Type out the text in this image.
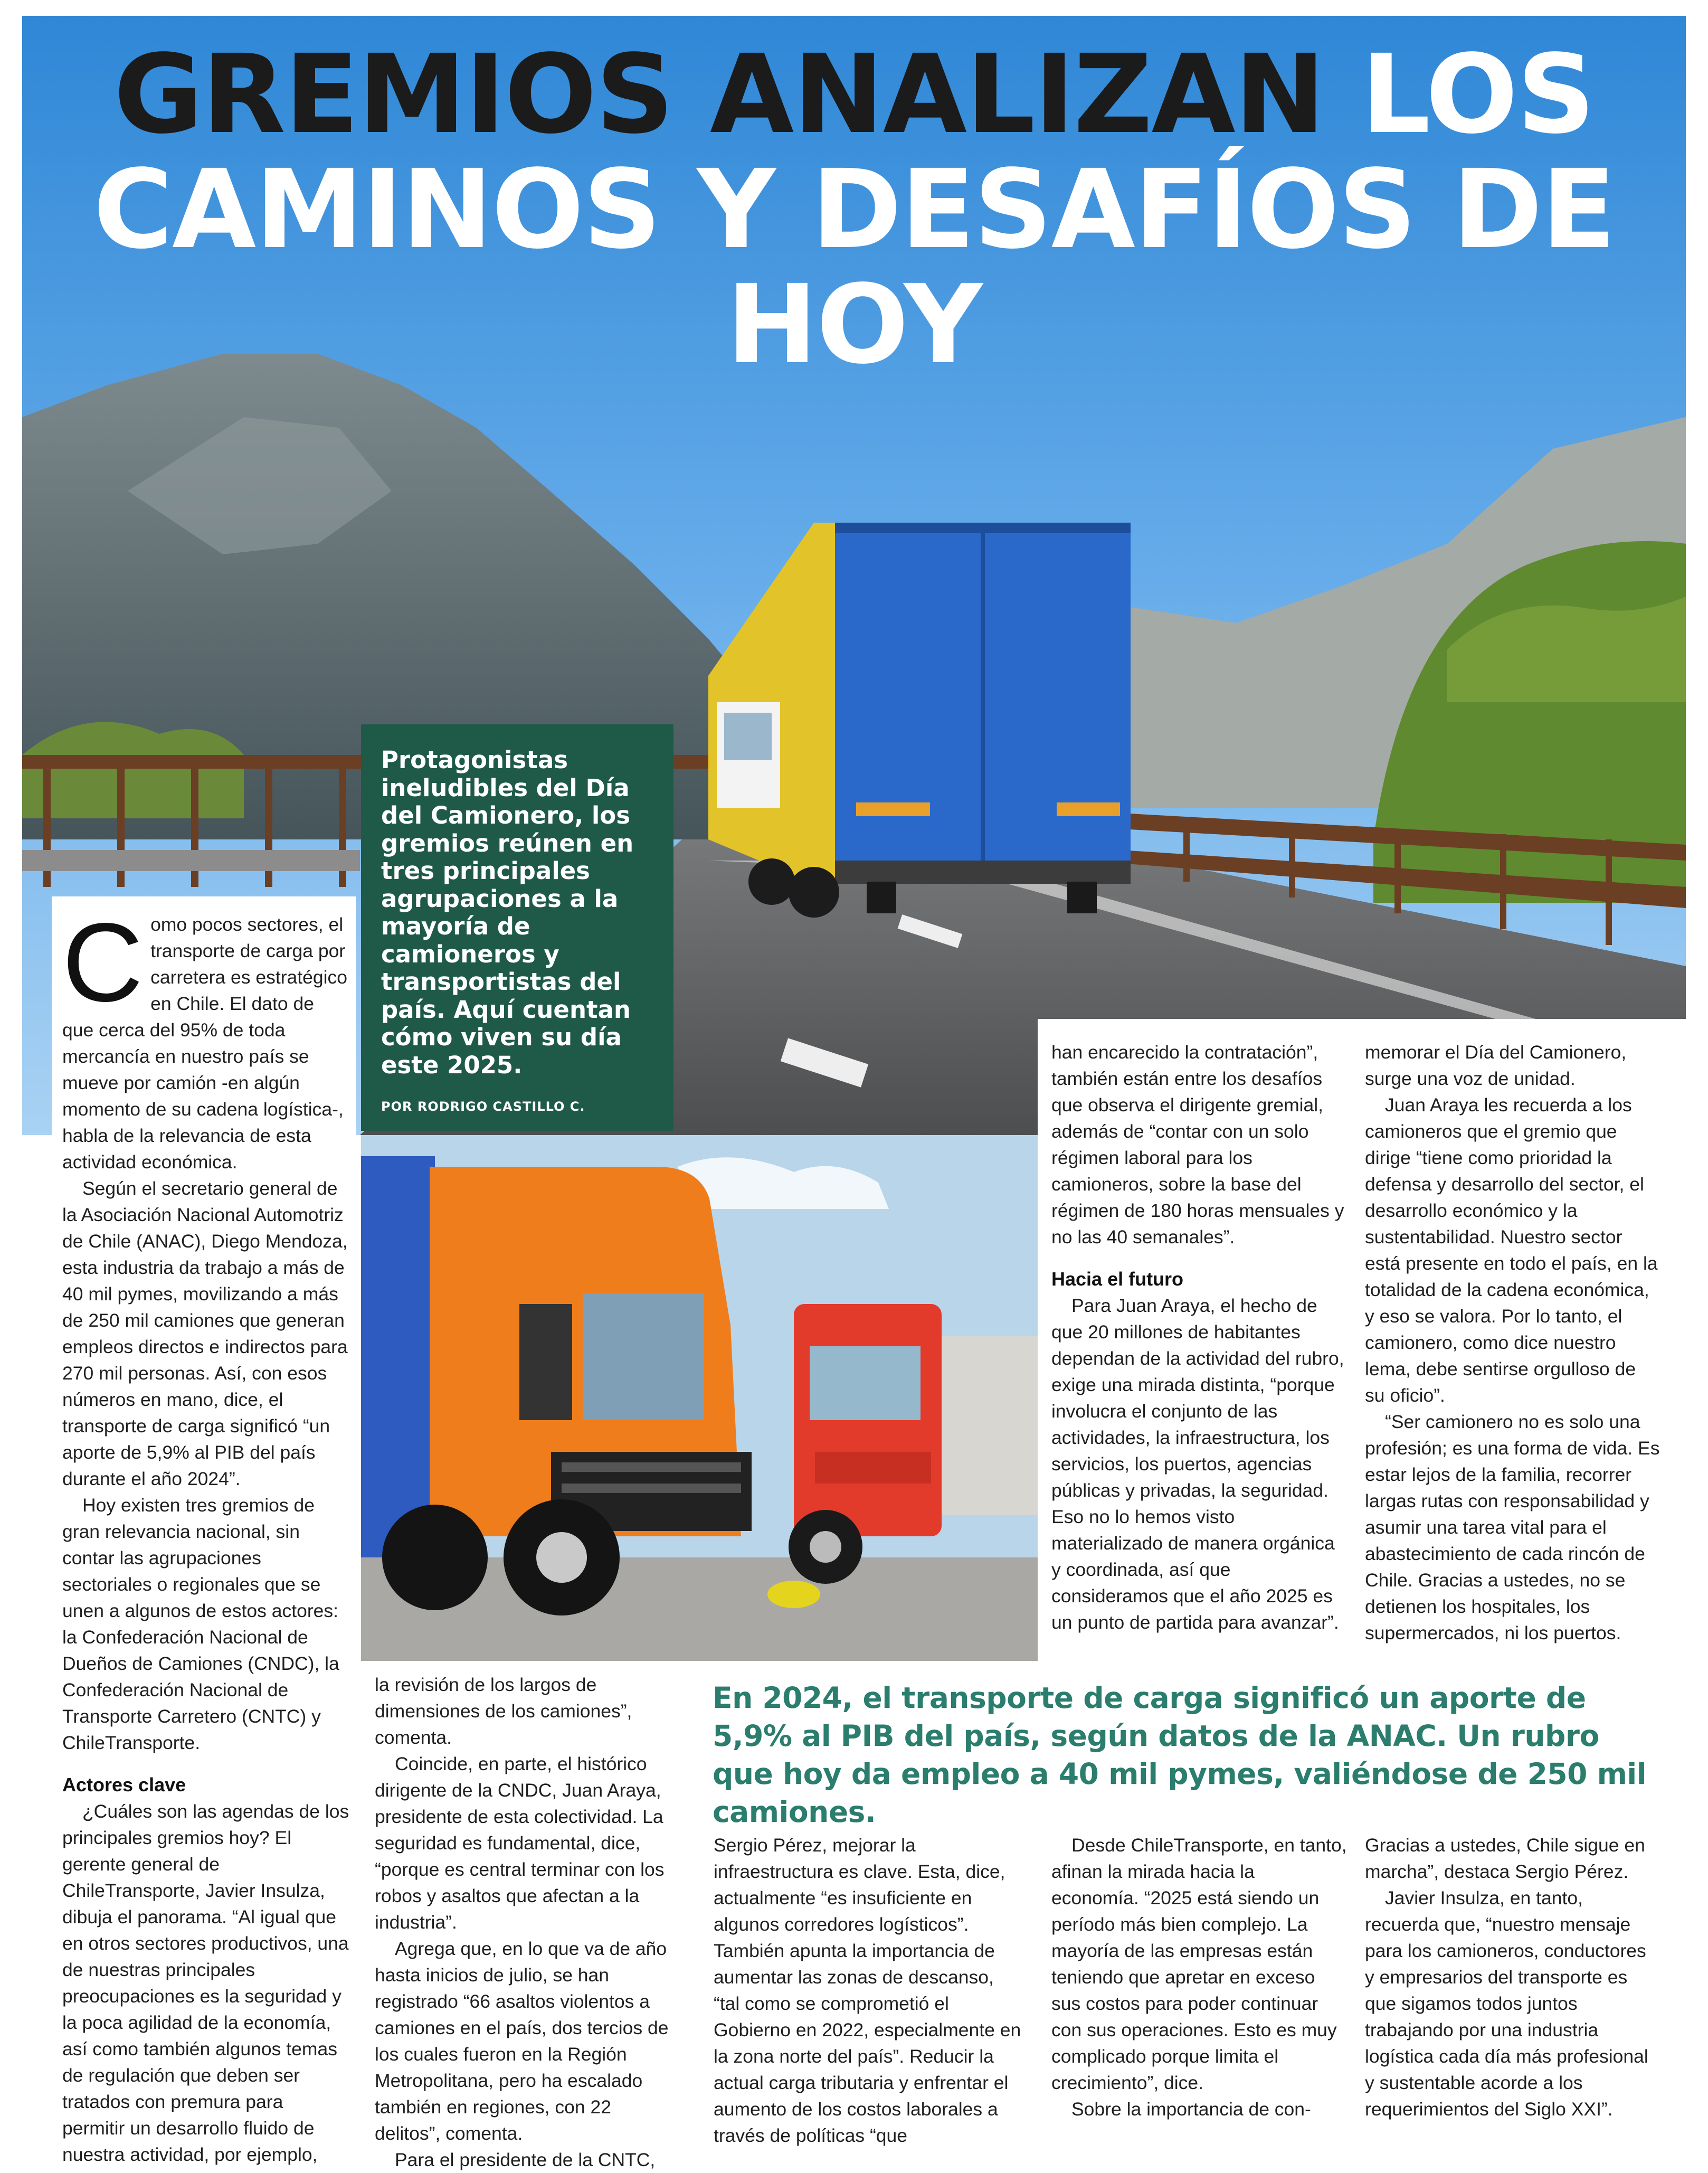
GREMIOS ANALIZAN LOS CAMINOS Y DESAFÍOS DE HOY

Protagonistas ineludibles del Día del Camionero, los gremios reúnen en tres principales agrupaciones a la mayoría de camioneros y transportistas del país. Aquí cuentan cómo viven su día este 2025.

POR RODRIGO CASTILLO C.

C omo pocos sectores, el transporte de carga por carretera es estratégico en Chile. El dato de que cerca del 95% de toda mercancía en nuestro país se mueve por camión -en algún momento de su cadena logística-, habla de la relevancia de esta actividad económica.

Según el secretario general de la Asociación Nacional Automotriz de Chile (ANAC), Diego Mendoza, esta industria da trabajo a más de 40 mil pymes, movilizando a más de 250 mil camiones que generan empleos directos e indirectos para 270 mil personas. Así, con esos números en mano, dice, el transporte de carga significó “un aporte de 5,9% al PIB del país durante el año 2024”.

Hoy existen tres gremios de gran relevancia nacional, sin contar las agrupaciones sectoriales o regionales que se unen a algunos de estos actores: la Confederación Nacional de Dueños de Camiones (CNDC), la Confederación Nacional de Transporte Carretero (CNTC) y ChileTransporte.

Actores clave

¿Cuáles son las agendas de los principales gremios hoy? El gerente general de ChileTransporte, Javier Insulza, dibuja el panorama. “Al igual que en otros sectores productivos, una de nuestras principales preocupaciones es la seguridad y la poca agilidad de la economía, así como también algunos temas de regulación que deben ser tratados con premura para permitir un desarrollo fluido de nuestra actividad, por ejemplo,

la revisión de los largos de dimensiones de los camiones”, comenta.

Coincide, en parte, el histórico dirigente de la CNDC, Juan Araya, presidente de esta colectividad. La seguridad es fundamental, dice, “porque es central terminar con los robos y asaltos que afectan a la industria”.

Agrega que, en lo que va de año hasta inicios de julio, se han registrado “66 asaltos violentos a camiones en el país, dos tercios de los cuales fueron en la Región Metropolitana, pero ha escalado también en regiones, con 22 delitos”, comenta.

Para el presidente de la CNTC,

han encarecido la contratación”, también están entre los desafíos que observa el dirigente gremial, además de “contar con un solo régimen laboral para los camioneros, sobre la base del régimen de 180 horas mensuales y no las 40 semanales”.

Hacia el futuro

Para Juan Araya, el hecho de que 20 millones de habitantes dependan de la actividad del rubro, exige una mirada distinta, “porque involucra el conjunto de las actividades, la infraestructura, los servicios, los puertos, agencias públicas y privadas, la seguridad. Eso no lo hemos visto materializado de manera orgánica y coordinada, así que consideramos que el año 2025 es un punto de partida para avanzar”.

memorar el Día del Camionero, surge una voz de unidad.

Juan Araya les recuerda a los camioneros que el gremio que dirige “tiene como prioridad la defensa y desarrollo del sector, el desarrollo económico y la sustentabilidad. Nuestro sector está presente en todo el país, en la totalidad de la cadena económica, y eso se valora. Por lo tanto, el camionero, como dice nuestro lema, debe sentirse orgulloso de su oficio”.

“Ser camionero no es solo una profesión; es una forma de vida. Es estar lejos de la familia, recorrer largas rutas con responsabilidad y asumir una tarea vital para el abastecimiento de cada rincón de Chile. Gracias a ustedes, no se detienen los hospitales, los supermercados, ni los puertos.

En 2024, el transporte de carga significó un aporte de 5,9% al PIB del país, según datos de la ANAC. Un rubro que hoy da empleo a 40 mil pymes, valiéndose de 250 mil camiones.

Sergio Pérez, mejorar la infraestructura es clave. Esta, dice, actualmente “es insuficiente en algunos corredores logísticos”. También apunta la importancia de aumentar las zonas de descanso, “tal como se comprometió el Gobierno en 2022, especialmente en la zona norte del país”. Reducir la actual carga tributaria y enfrentar el aumento de los costos laborales a través de políticas “que

Desde ChileTransporte, en tanto, afinan la mirada hacia la economía. “2025 está siendo un período más bien complejo. La mayoría de las empresas están teniendo que apretar en exceso sus costos para poder continuar con sus operaciones. Esto es muy complicado porque limita el crecimiento”, dice.

Sobre la importancia de con-

Gracias a ustedes, Chile sigue en marcha”, destaca Sergio Pérez.

Javier Insulza, en tanto, recuerda que, “nuestro mensaje para los camioneros, conductores y empresarios del transporte es que sigamos todos juntos trabajando por una industria logística cada día más profesional y sustentable acorde a los requerimientos del Siglo XXI”.
